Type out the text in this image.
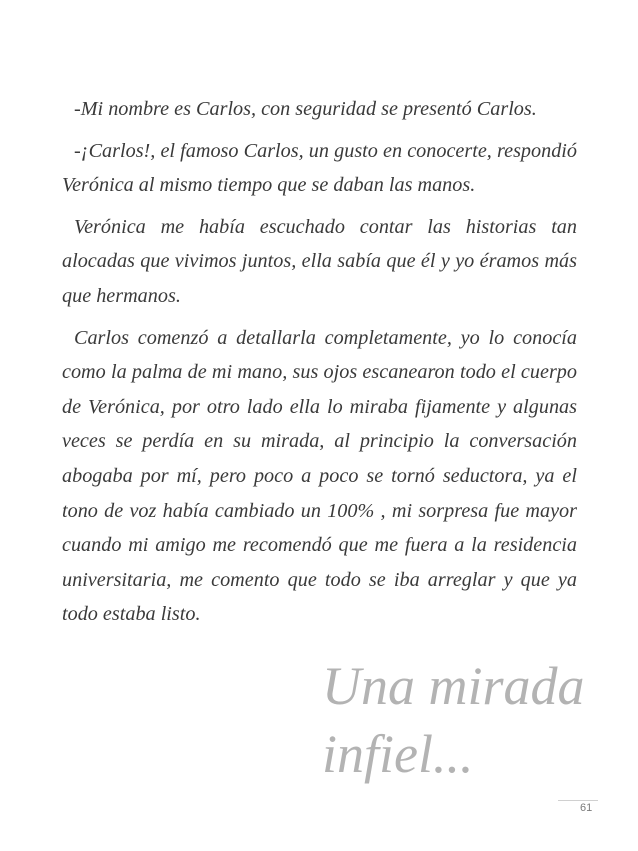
-Mi nombre es Carlos, con seguridad se presentó Carlos.

-¡Carlos!, el famoso Carlos, un gusto en conocerte, respondió Verónica al mismo tiempo que se daban las manos.

Verónica me había escuchado contar las historias tan alocadas que vivimos juntos, ella sabía que él y yo éramos más que hermanos.

Carlos comenzó a detallarla completamente, yo lo conocía como la palma de mi mano, sus ojos escanearon todo el cuerpo de Verónica, por otro lado ella lo miraba fijamente y algunas veces se perdía en su mirada, al principio la conversación abogaba por mí, pero poco a poco se tornó seductora, ya el tono de voz había cambiado un 100% , mi sorpresa fue mayor cuando mi amigo me recomendó que me fuera a la residencia universitaria, me comento que todo se iba arreglar y que ya todo estaba listo.

Una mirada
infiel...
61
